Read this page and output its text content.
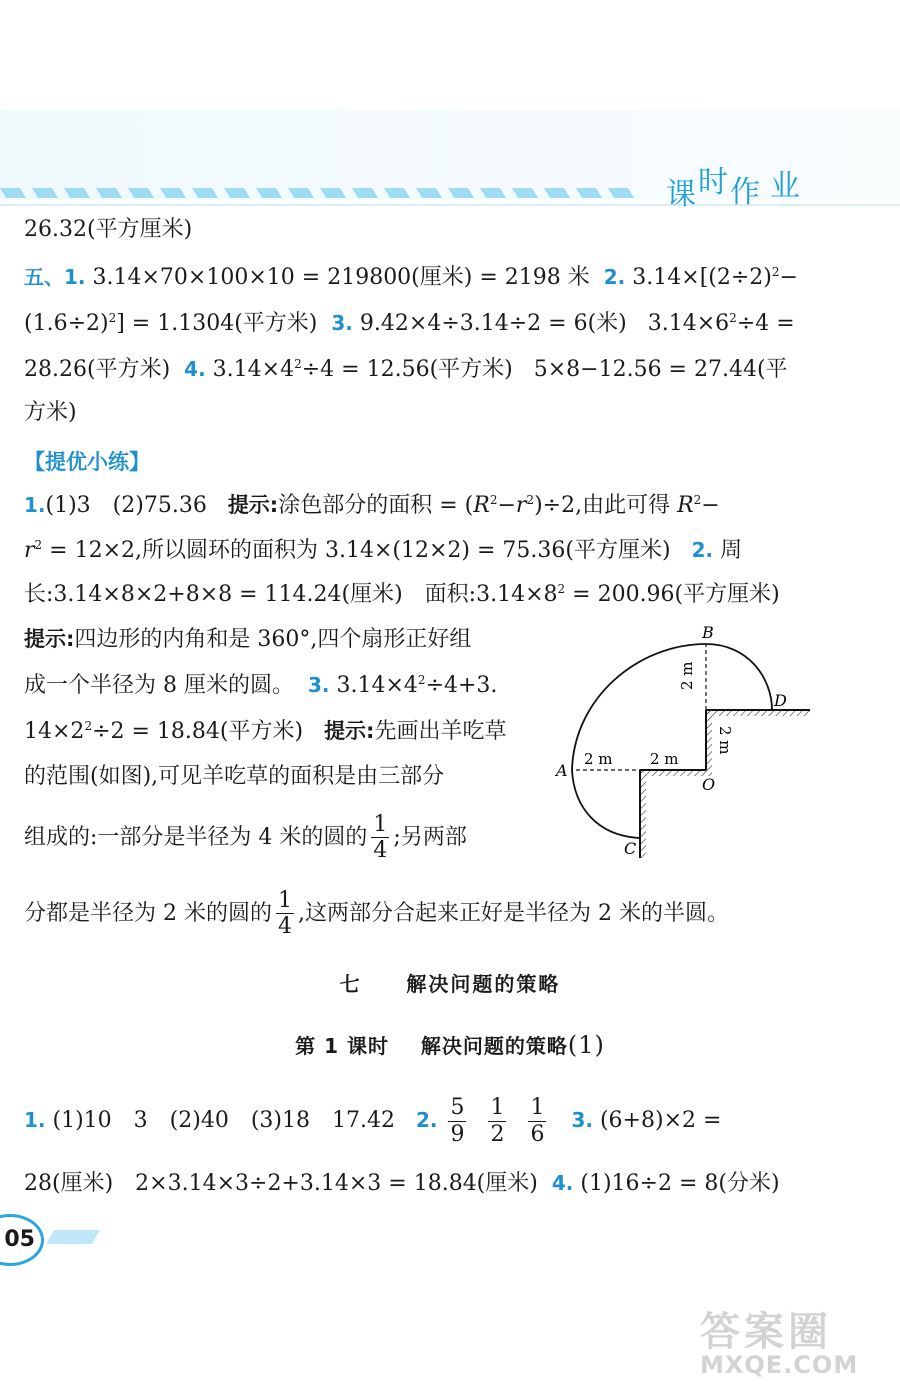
课时作 业
26.32(平方厘米)
五、1. 3.14×70×100×10 = 219800(厘米) = 2198 米 2. $3.14\times[(2\div 2)^2-$
$(1.6\div 2)^2] = 1.1304$(平方米) 3. 9.42×4÷3.14÷2 = 6(米) $3.14\times 6^2\div 4$ =
28.26(平方米) 4. $3.14\times 4^2\div 4 = 12.56$(平方米) 5×8−12.56 = 27.44(平
方米)
【提优小练】
1.(1)3　(2)75.36 提示:涂色部分的面积 = $(R^2-r^2)\div 2$,由此可得 $R^2-$
$r^2 = 12\times 2$,所以圆环的面积为 3.14×(12×2) = 75.36(平方厘米) 2. 周
长:3.14×8×2+8×8 = 114.24(厘米)　面积$:3.14\times 8^2 = 200.96$(平方厘米)
提示:四边形的内角和是 360°,四个扇形正好组
成一个半径为 8 厘米的圆。 3. $3.14\times 4^2\div 4+3$.
$14\times 2^2\div 2 = 18.84$(平方米) 提示:先画出羊吃草
的范围(如图),可见羊吃草的面积是由三部分
组成的:一部分是半径为 4 米的圆的 $\frac{1}{4}$ ;另两部
分都是半径为 2 米的圆的 $\frac{1}{4}$ ,这两部分合起来正好是半径为 2 米的半圆。
B
D
A
O
C
2 m 2 m
2 m
2 m
七 解决问题的策略
第 1 课时 解决问题的策略(1)
1. (1)10　3　(2)40　(3)18　17.42 2. $\frac{5}{9}$
$\frac{1}{2}$
$\frac{1}{6} 3$. (6+8)×2 =
28(厘米)　2×3.14×3÷2+3.14×3 = 18.84(厘米) 4. (1)16÷2 = 8(分米)
05
答案圈
MXQE.COM
